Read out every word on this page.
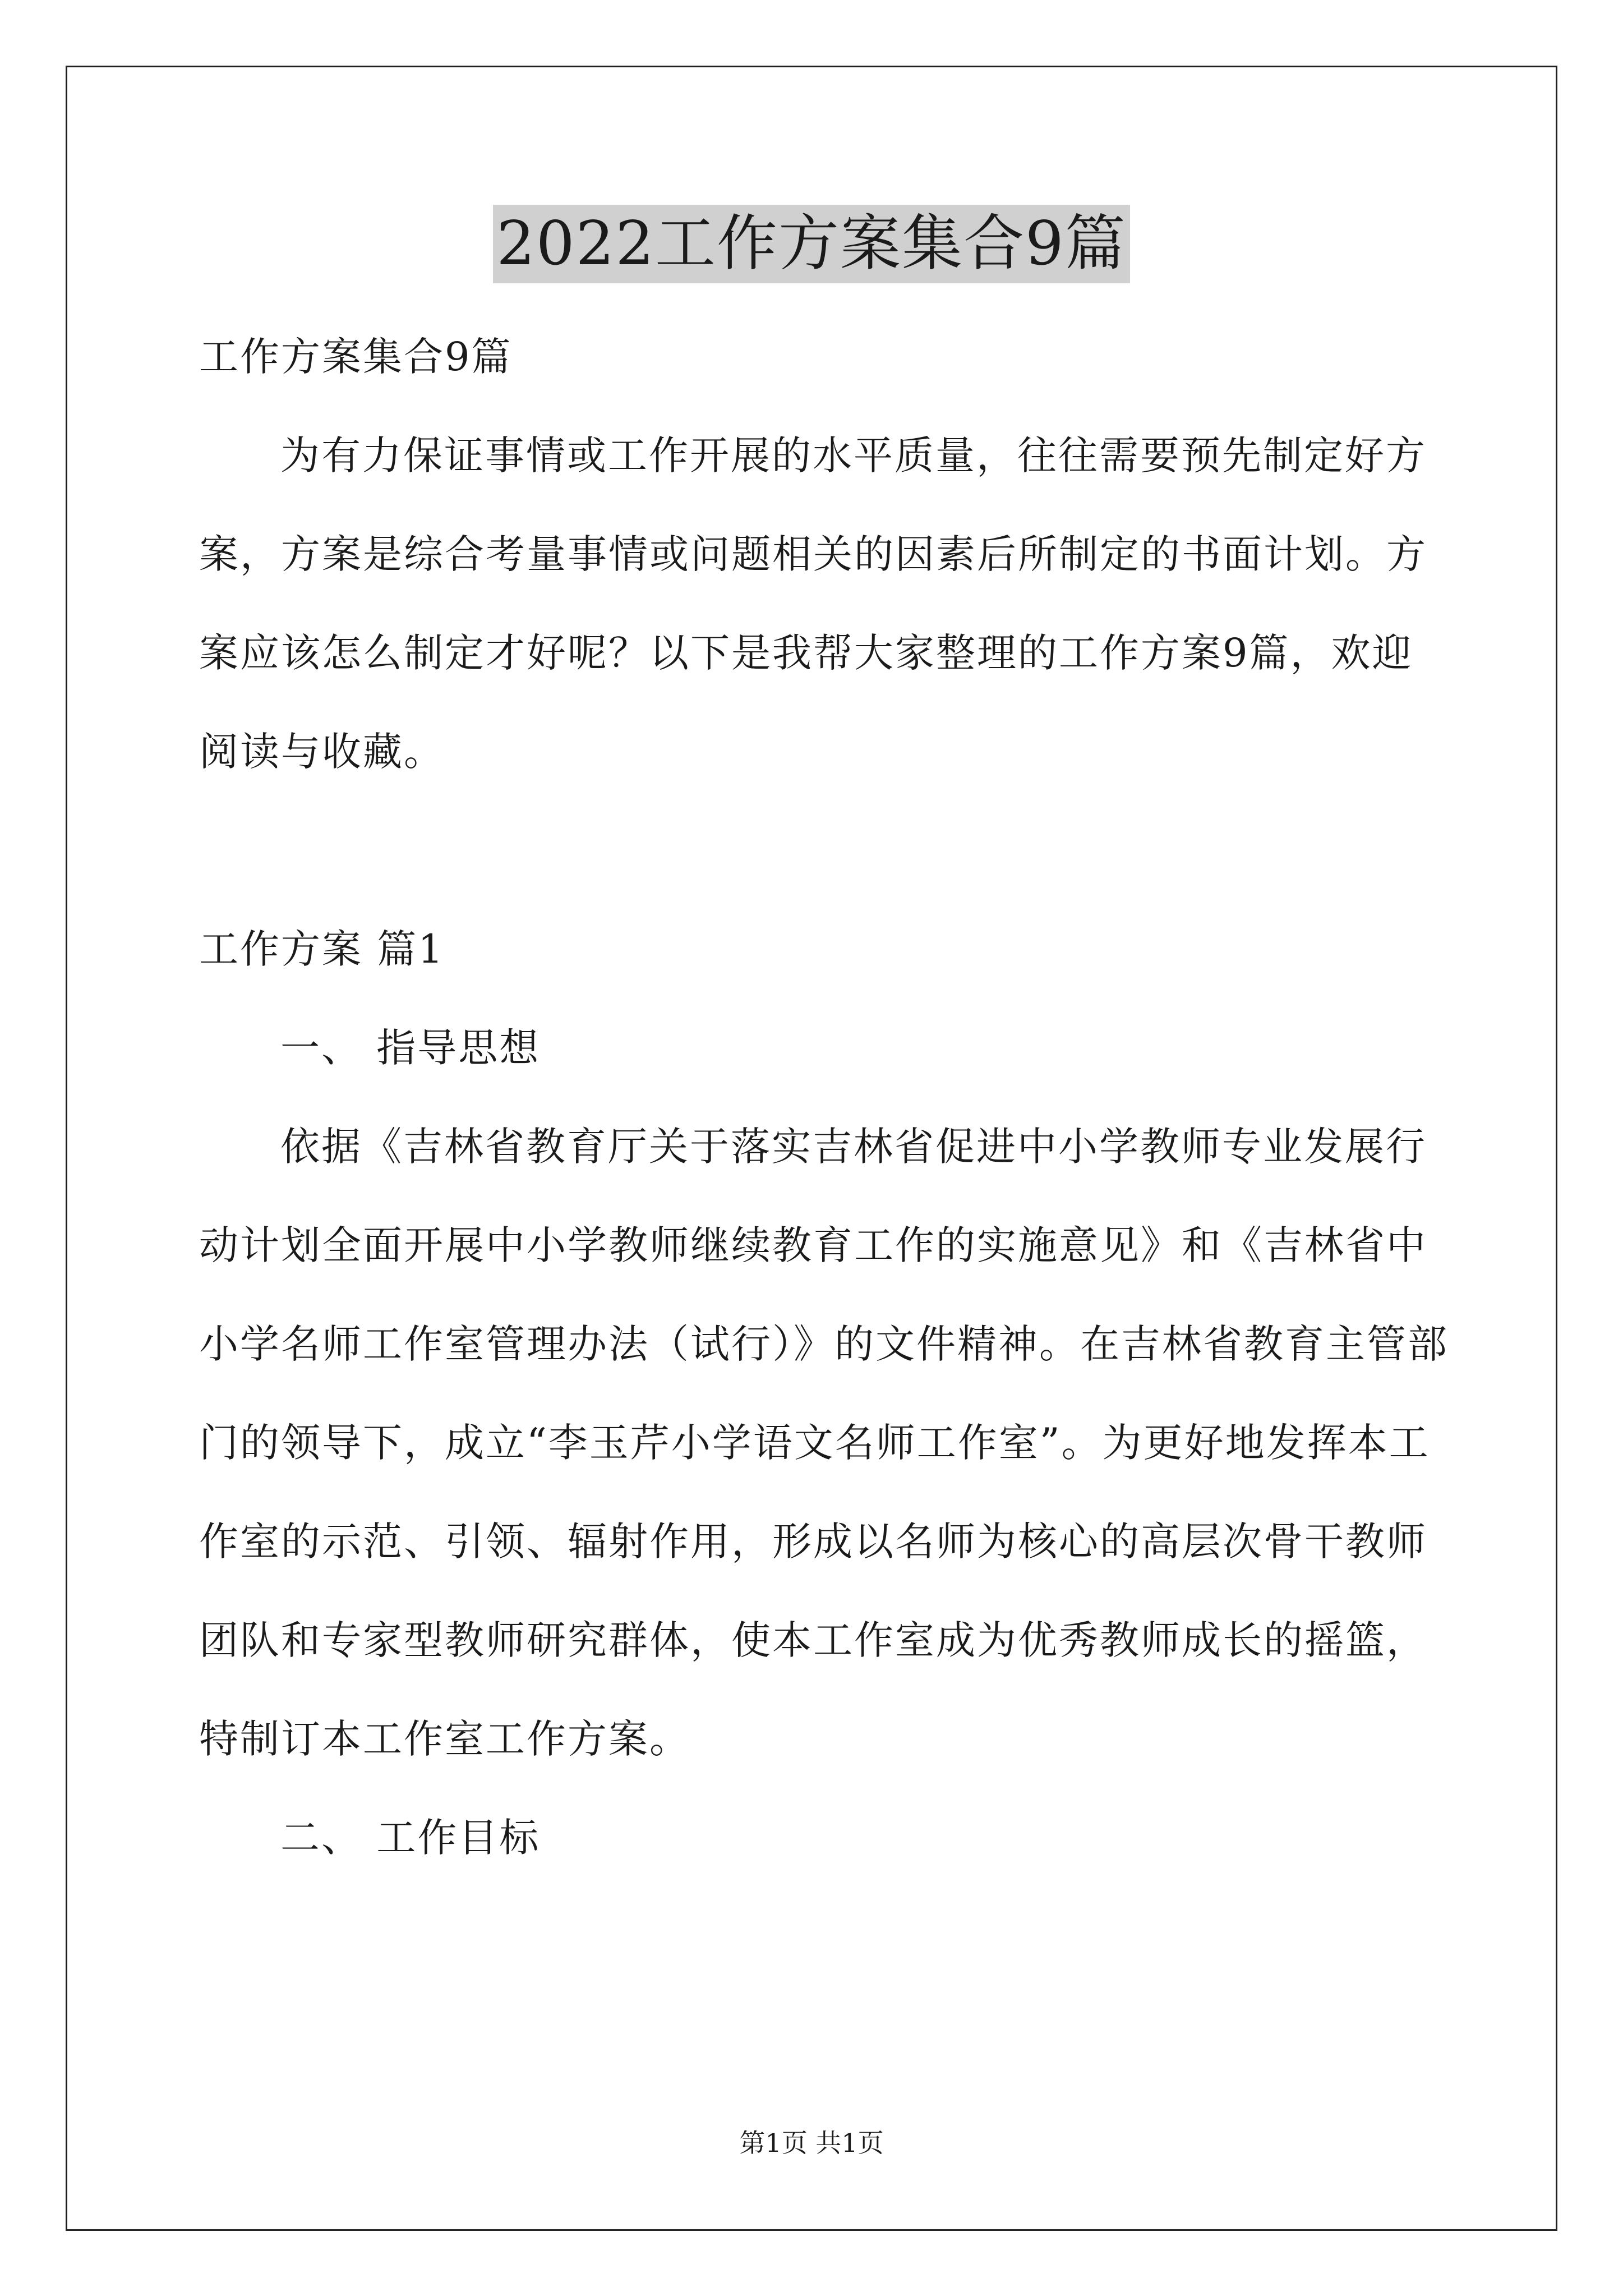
2022工作方案集合9篇
工作方案集合9篇
为有力保证事情或工作开展的水平质量，往往需要预先制定好方
案，方案是综合考量事情或问题相关的因素后所制定的书面计划。方
案应该怎么制定才好呢？以下是我帮大家整理的工作方案9篇，欢迎
阅读与收藏。
工作方案 篇1
一、 指导思想
依据《吉林省教育厅关于落实吉林省促进中小学教师专业发展行
动计划全面开展中小学教师继续教育工作的实施意见》和《吉林省中
小学名师工作室管理办法（试行）》的文件精神。在吉林省教育主管部
门的领导下，成立“李玉芹小学语文名师工作室”。为更好地发挥本工
作室的示范、引领、辐射作用，形成以名师为核心的高层次骨干教师
团队和专家型教师研究群体，使本工作室成为优秀教师成长的摇篮，
特制订本工作室工作方案。
二、 工作目标
第1页 共1页
